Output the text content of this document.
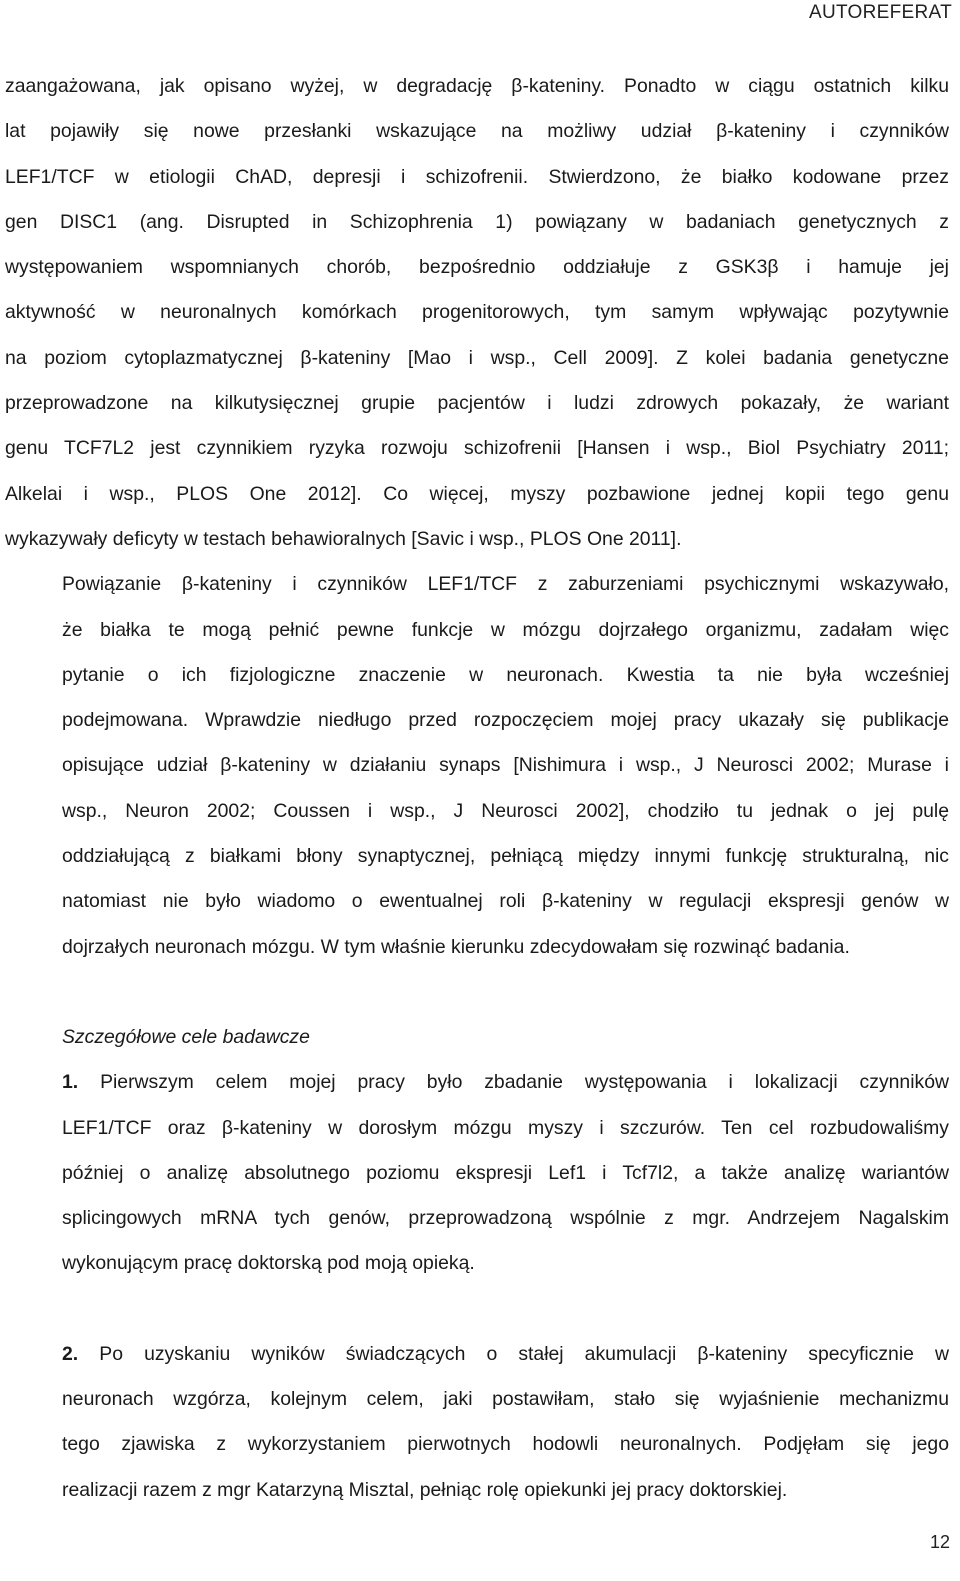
AUTOREFERAT
zaangażowana, jak opisano wyżej, w degradację β-kateniny. Ponadto w ciągu ostatnich kilku
lat pojawiły się nowe przesłanki wskazujące na możliwy udział β-kateniny i czynników
LEF1/TCF w etiologii ChAD, depresji i schizofrenii. Stwierdzono, że białko kodowane przez
gen DISC1 (ang. Disrupted in Schizophrenia 1) powiązany w badaniach genetycznych z
występowaniem wspomnianych chorób, bezpośrednio oddziałuje z GSK3β i hamuje jej
aktywność w neuronalnych komórkach progenitorowych, tym samym wpływając pozytywnie
na poziom cytoplazmatycznej β-kateniny [Mao i wsp., Cell 2009]. Z kolei badania genetyczne
przeprowadzone na kilkutysięcznej grupie pacjentów i ludzi zdrowych pokazały, że wariant
genu TCF7L2 jest czynnikiem ryzyka rozwoju schizofrenii [Hansen i wsp., Biol Psychiatry 2011;
Alkelai i wsp., PLOS One 2012]. Co więcej, myszy pozbawione jednej kopii tego genu
wykazywały deficyty w testach behawioralnych [Savic i wsp., PLOS One 2011].
Powiązanie β-kateniny i czynników LEF1/TCF z zaburzeniami psychicznymi wskazywało,
że białka te mogą pełnić pewne funkcje w mózgu dojrzałego organizmu, zadałam więc
pytanie o ich fizjologiczne znaczenie w neuronach. Kwestia ta nie była wcześniej
podejmowana. Wprawdzie niedługo przed rozpoczęciem mojej pracy ukazały się publikacje
opisujące udział β-kateniny w działaniu synaps [Nishimura i wsp., J Neurosci 2002; Murase i
wsp., Neuron 2002; Coussen i wsp., J Neurosci 2002], chodziło tu jednak o jej pulę
oddziałującą z białkami błony synaptycznej, pełniącą między innymi funkcję strukturalną, nic
natomiast nie było wiadomo o ewentualnej roli β-kateniny w regulacji ekspresji genów w
dojrzałych neuronach mózgu. W tym właśnie kierunku zdecydowałam się rozwinąć badania.
Szczegółowe cele badawcze
1. Pierwszym celem mojej pracy było zbadanie występowania i lokalizacji czynników
LEF1/TCF oraz β-kateniny w dorosłym mózgu myszy i szczurów. Ten cel rozbudowaliśmy
później o analizę absolutnego poziomu ekspresji Lef1 i Tcf7l2, a także analizę wariantów
splicingowych mRNA tych genów, przeprowadzoną wspólnie z mgr. Andrzejem Nagalskim
wykonującym pracę doktorską pod moją opieką.
2. Po uzyskaniu wyników świadczących o stałej akumulacji β-kateniny specyficznie w
neuronach wzgórza, kolejnym celem, jaki postawiłam, stało się wyjaśnienie mechanizmu
tego zjawiska z wykorzystaniem pierwotnych hodowli neuronalnych. Podjęłam się jego
realizacji razem z mgr Katarzyną Misztal, pełniąc rolę opiekunki jej pracy doktorskiej.
12
